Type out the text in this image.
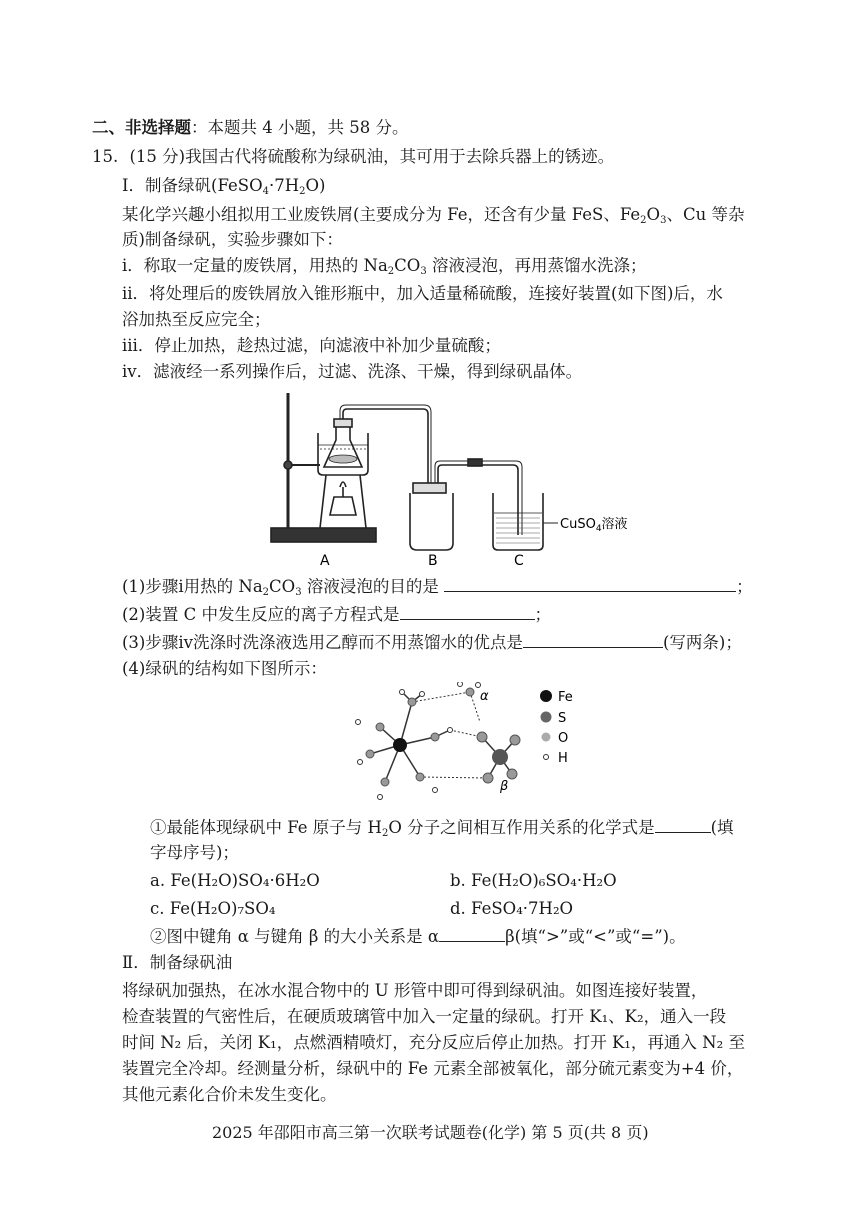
二、非选择题：本题共 4 小题，共 58 分。
15. (15 分)我国古代将硫酸称为绿矾油，其可用于去除兵器上的锈迹。
Ⅰ．制备绿矾$(FeSO_4\cdot 7H_2O)$
某化学兴趣小组拟用工业废铁屑(主要成分为 Fe，还含有少量 FeS、$Fe_2O_3$、Cu 等杂
质)制备绿矾，实验步骤如下：
ⅰ．称取一定量的废铁屑，用热的 $Na_2CO_3$ 溶液浸泡，再用蒸馏水洗涤；
ⅱ．将处理后的废铁屑放入锥形瓶中，加入适量稀硫酸，连接好装置(如下图)后，水
浴加热至反应完全；
ⅲ．停止加热，趁热过滤，向滤液中补加少量硫酸；
ⅳ．滤液经一系列操作后，过滤、洗涤、干燥，得到绿矾晶体。
A	B	C
CuSO$_4$溶液
(1)步骤ⅰ用热的 $Na_2CO_3$ 溶液浸泡的目的是	；
(2)装置 C 中发生反应的离子方程式是	；
(3)步骤ⅳ洗涤时洗涤液选用乙醇而不用蒸馏水的优点是	(写两条)；
(4)绿矾的结构如下图所示：
α
β
Fe
S
O
H
①最能体现绿矾中 Fe 原子与 $H_2O$ 分子之间相互作用关系的化学式是	(填
字母序号)；
a. Fe(H₂O)SO₄·6H₂O	b. Fe(H₂O)₆SO₄·H₂O
c. Fe(H₂O)₇SO₄	d. FeSO₄·7H₂O
②图中键角 α 与键角 β 的大小关系是 α	β(填“>”或“<”或“=”)。
Ⅱ．制备绿矾油
将绿矾加强热，在冰水混合物中的 U 形管中即可得到绿矾油。如图连接好装置，
检查装置的气密性后，在硬质玻璃管中加入一定量的绿矾。打开 K₁、K₂，通入一段
时间 N₂ 后，关闭 K₁，点燃酒精喷灯，充分反应后停止加热。打开 K₁，再通入 N₂ 至
装置完全冷却。经测量分析，绿矾中的 Fe 元素全部被氧化，部分硫元素变为+4 价，
其他元素化合价未发生变化。
2025 年邵阳市高三第一次联考试题卷(化学) 第 5 页(共 8 页)
